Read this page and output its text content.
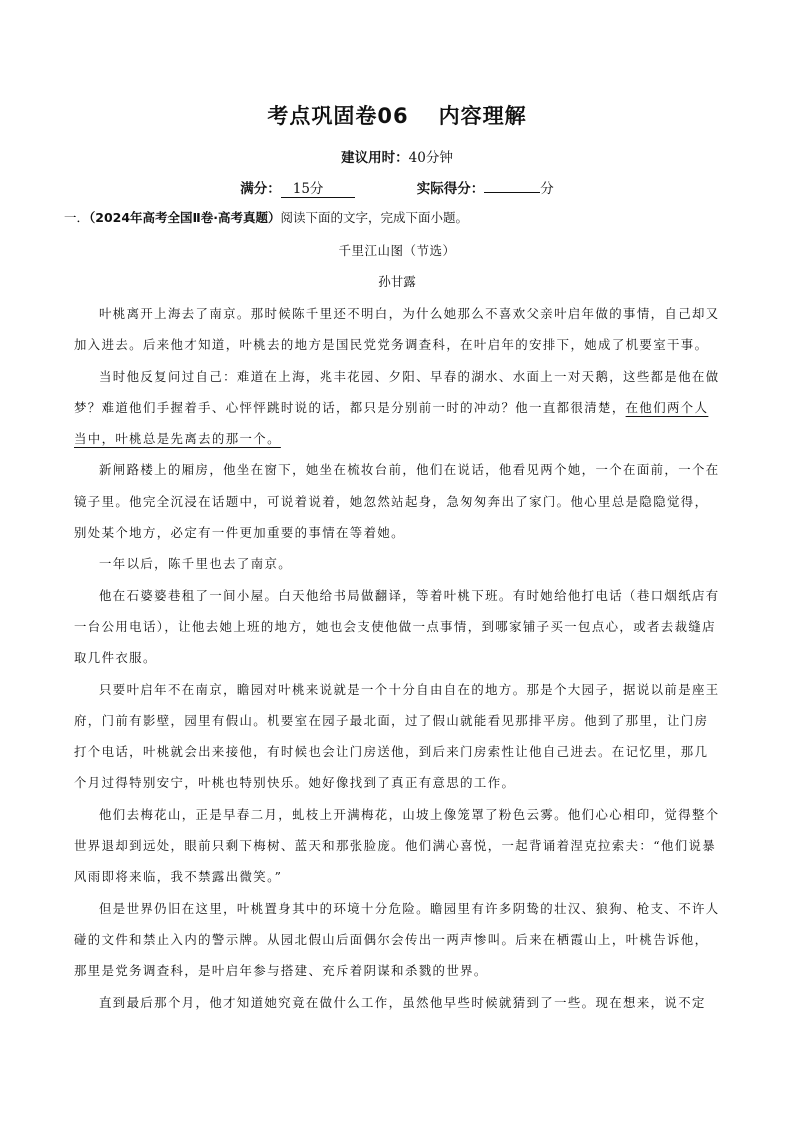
考点巩固卷06 内容理解
建议用时：40分钟
满分： 15分	实际得分：	分
一．（2024年高考全国Ⅱ卷·高考真题）阅读下面的文字，完成下面小题。
千里江山图（节选）
孙甘露

叶桃离开上海去了南京。那时候陈千里还不明白，为什么她那么不喜欢父亲叶启年做的事情，自己却又加入进去。后来他才知道，叶桃去的地方是国民党党务调查科，在叶启年的安排下，她成了机要室干事。

当时他反复问过自己：难道在上海，兆丰花园、夕阳、早春的湖水、水面上一对天鹅，这些都是他在做梦？难道他们手握着手、心怦怦跳时说的话，都只是分别前一时的冲动？他一直都很清楚，在他们两个人当中，叶桃总是先离去的那一个。

新闸路楼上的厢房，他坐在窗下，她坐在梳妆台前，他们在说话，他看见两个她，一个在面前，一个在镜子里。他完全沉浸在话题中，可说着说着，她忽然站起身，急匆匆奔出了家门。他心里总是隐隐觉得，别处某个地方，必定有一件更加重要的事情在等着她。

一年以后，陈千里也去了南京。

他在石婆婆巷租了一间小屋。白天他给书局做翻译，等着叶桃下班。有时她给他打电话（巷口烟纸店有一台公用电话），让他去她上班的地方，她也会支使他做一点事情，到哪家铺子买一包点心，或者去裁缝店取几件衣服。

只要叶启年不在南京，瞻园对叶桃来说就是一个十分自由自在的地方。那是个大园子，据说以前是座王府，门前有影壁，园里有假山。机要室在园子最北面，过了假山就能看见那排平房。他到了那里，让门房打个电话，叶桃就会出来接他，有时候也会让门房送他，到后来门房索性让他自己进去。在记忆里，那几个月过得特别安宁，叶桃也特别快乐。她好像找到了真正有意思的工作。

他们去梅花山，正是早春二月，虬枝上开满梅花，山坡上像笼罩了粉色云雾。他们心心相印，觉得整个世界退却到远处，眼前只剩下梅树、蓝天和那张脸庞。他们满心喜悦，一起背诵着涅克拉索夫：“他们说暴风雨即将来临，我不禁露出微笑。”

但是世界仍旧在这里，叶桃置身其中的环境十分危险。瞻园里有许多阴鸷的壮汉、狼狗、枪支、不许人碰的文件和禁止入内的警示牌。从园北假山后面偶尔会传出一两声惨叫。后来在栖霞山上，叶桃告诉他，那里是党务调查科，是叶启年参与搭建、充斥着阴谋和杀戮的世界。

直到最后那个月，他才知道她究竟在做什么工作，虽然他早些时候就猜到了一些。现在想来，说不定
